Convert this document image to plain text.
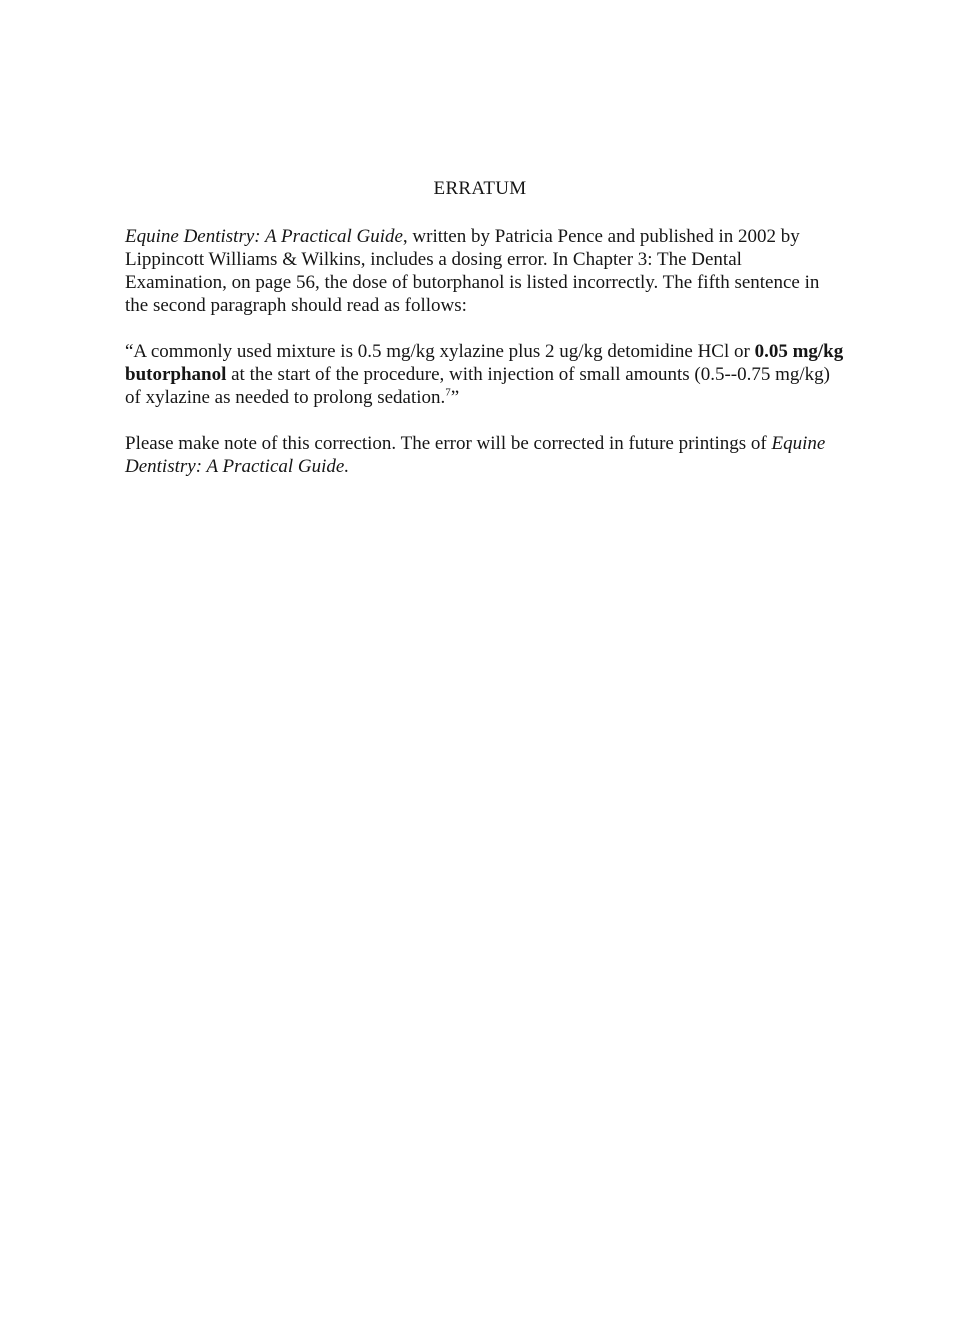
ERRATUM

Equine Dentistry: A Practical Guide, written by Patricia Pence and published in 2002 by Lippincott Williams & Wilkins, includes a dosing error. In Chapter 3: The Dental Examination, on page 56, the dose of butorphanol is listed incorrectly. The fifth sentence in the second paragraph should read as follows:

“A commonly used mixture is 0.5 mg/kg xylazine plus 2 ug/kg detomidine HCl or 0.05 mg/kg butorphanol at the start of the procedure, with injection of small amounts (0.5--0.75 mg/kg) of xylazine as needed to prolong sedation.$^7$”

Please make note of this correction. The error will be corrected in future printings of Equine Dentistry: A Practical Guide.
